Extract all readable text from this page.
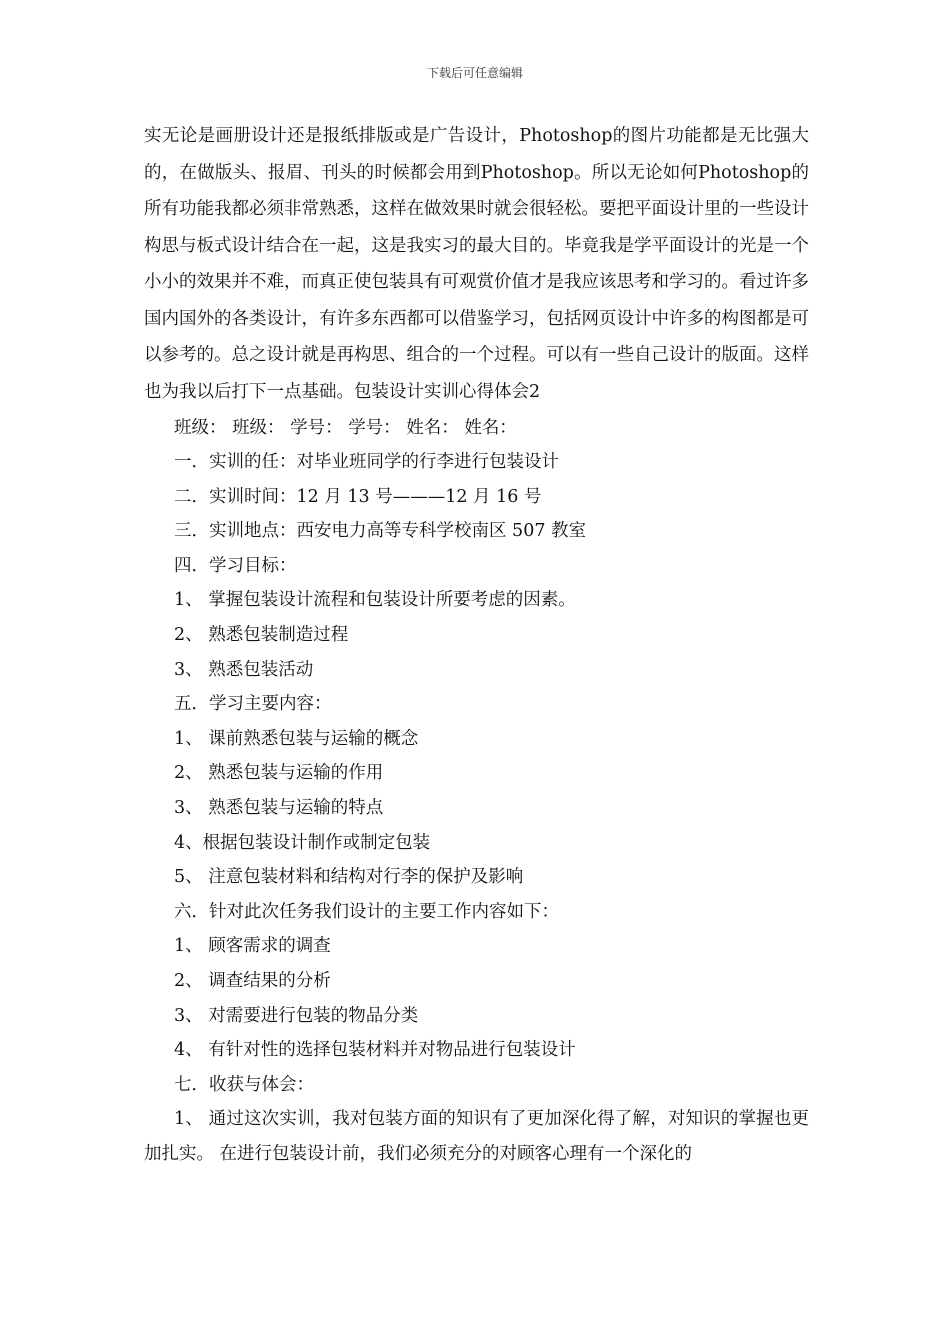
下载后可任意编辑

实无论是画册设计还是报纸排版或是广告设计，Photoshop的图片功能都是无比强大的，在做版头、报眉、刊头的时候都会用到Photoshop。所以无论如何Photoshop的所有功能我都必须非常熟悉，这样在做效果时就会很轻松。要把平面设计里的一些设计构思与板式设计结合在一起，这是我实习的最大目的。毕竟我是学平面设计的光是一个小小的效果并不难，而真正使包装具有可观赏价值才是我应该思考和学习的。看过许多国内国外的各类设计，有许多东西都可以借鉴学习，包括网页设计中许多的构图都是可以参考的。总之设计就是再构思、组合的一个过程。可以有一些自己设计的版面。这样也为我以后打下一点基础。包装设计实训心得体会2

班级： 班级： 学号： 学号： 姓名： 姓名：
一．实训的任：对毕业班同学的行李进行包装设计
二．实训时间：12 月 13 号———12 月 16 号
三．实训地点：西安电力高等专科学校南区 507 教室
四．学习目标：
1、 掌握包装设计流程和包装设计所要考虑的因素。
2、 熟悉包装制造过程
3、 熟悉包装活动
五．学习主要内容：
1、 课前熟悉包装与运输的概念
2、 熟悉包装与运输的作用
3、 熟悉包装与运输的特点
4、根据包装设计制作或制定包装
5、 注意包装材料和结构对行李的保护及影响
六．针对此次任务我们设计的主要工作内容如下：
1、 顾客需求的调查
2、 调查结果的分析
3、 对需要进行包装的物品分类
4、 有针对性的选择包装材料并对物品进行包装设计
七．收获与体会：

1、 通过这次实训，我对包装方面的知识有了更加深化得了解，对知识的掌握也更加扎实。 在进行包装设计前，我们必须充分的对顾客心理有一个深化的
